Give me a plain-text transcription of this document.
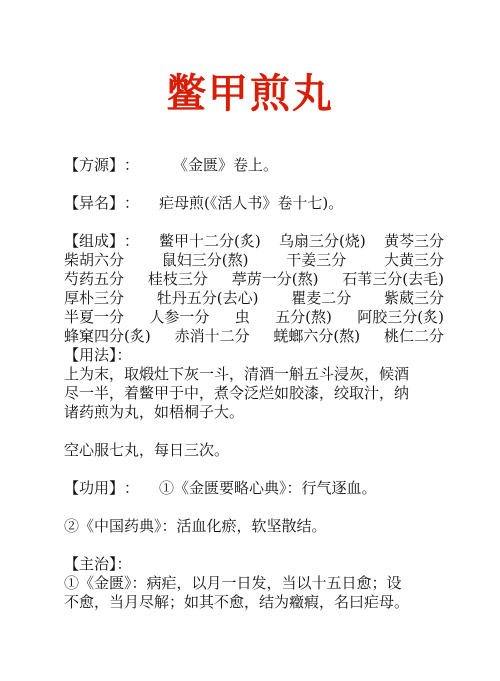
鳖甲煎丸
【方源】： 《金匮》卷上。
【异名】： 疟母煎(《活人书》卷十七)。
【组成】 ： 鳖甲十二分(炙) 乌扇三分(烧) 黄芩三分
柴胡六分	鼠妇三分(熬)	干姜三分	大黄三分
芍药五分 桂枝三分 葶苈一分(熬) 石苇三分(去毛)
厚朴三分 牡丹五分(去心) 瞿麦二分 紫葳三分
半夏一分 人参一分 虫 五分(熬) 阿胶三分(炙)
蜂窠四分(炙) 赤消十二分 蜣螂六分(熬) 桃仁二分
【用法】：
上为末，取煅灶下灰一斗，清酒一斛五斗浸灰，候酒
尽一半，着鳖甲于中，煮令泛烂如胶漆，绞取汁，纳
诸药煎为丸，如梧桐子大。
空心服七丸，每日三次。
【功用】： ①《金匮要略心典》：行气逐血。
②《中国药典》：活血化瘀，软坚散结。
【主治】：
①《金匮》：病疟，以月一日发，当以十五日愈；设
不愈，当月尽解；如其不愈，结为癥瘕，名曰疟母。
